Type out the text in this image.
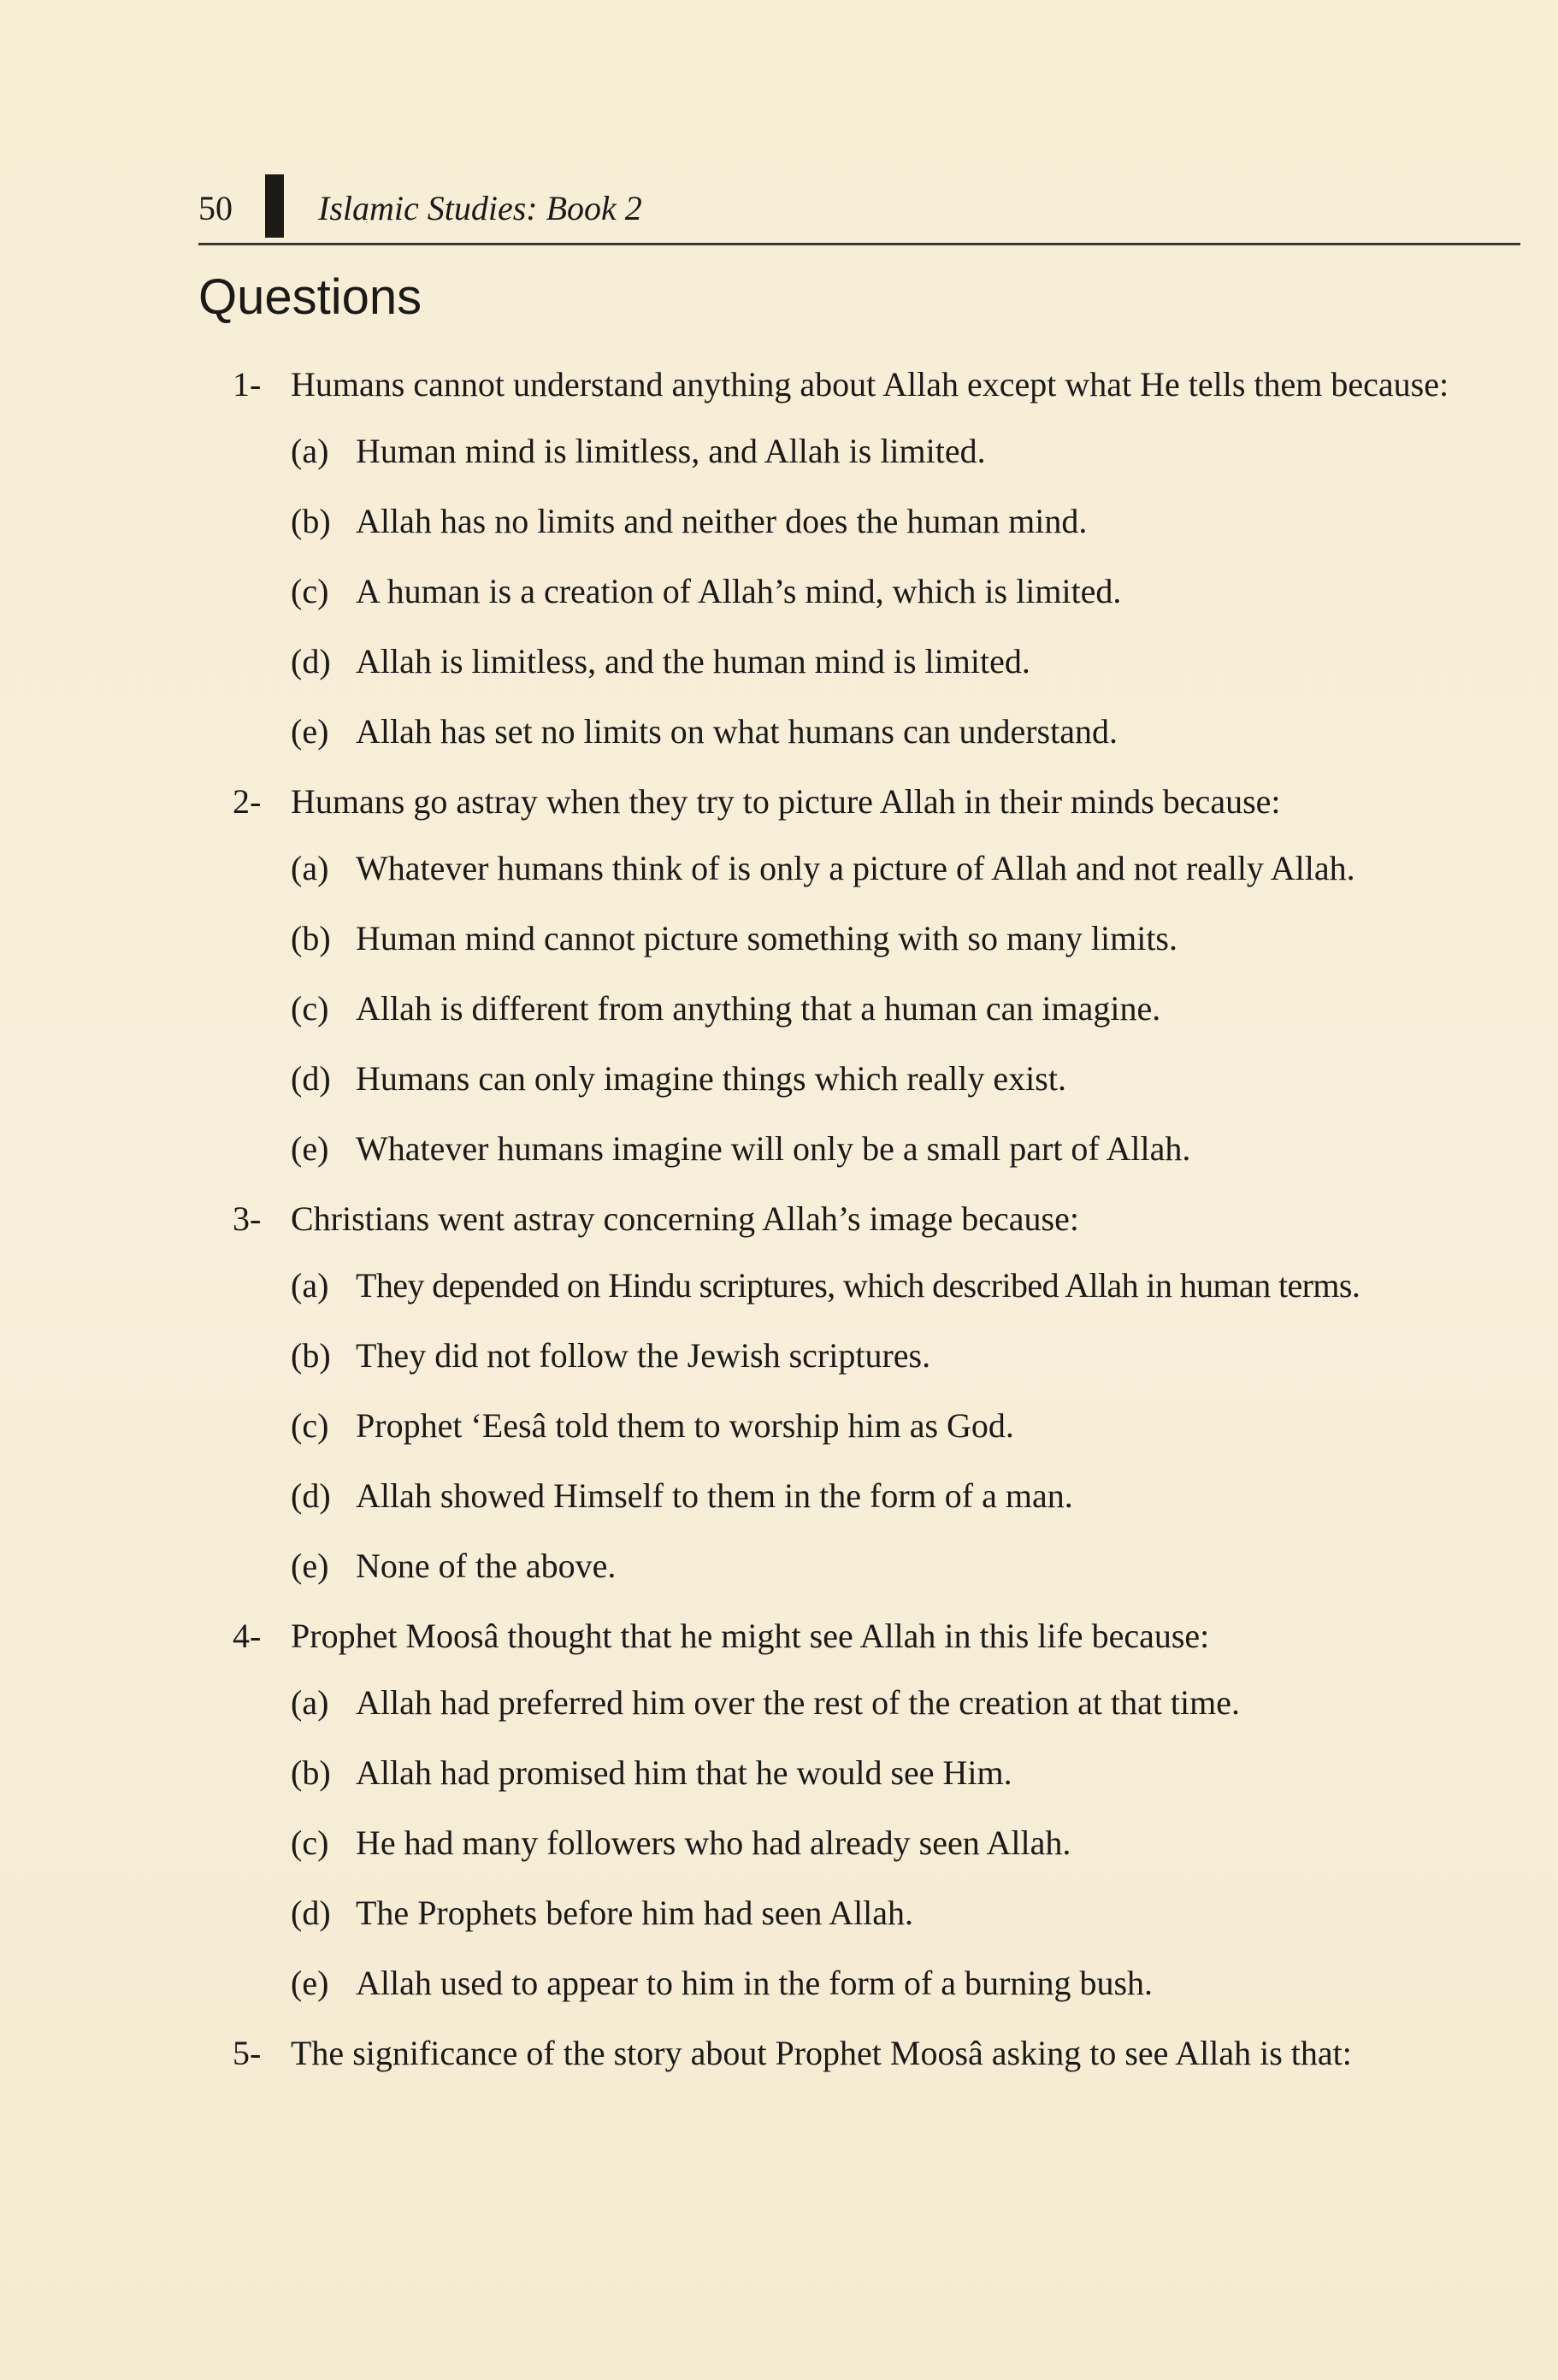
50	Islamic Studies: Book 2
Questions

1- Humans cannot understand anything about Allah except what He tells them because:

(a) Human mind is limitless, and Allah is limited.
(b) Allah has no limits and neither does the human mind.
(c) A human is a creation of Allah’s mind, which is limited.
(d) Allah is limitless, and the human mind is limited.
(e) Allah has set no limits on what humans can understand.

2- Humans go astray when they try to picture Allah in their minds because:

(a) Whatever humans think of is only a picture of Allah and not really Allah.
(b) Human mind cannot picture something with so many limits.
(c) Allah is different from anything that a human can imagine.
(d) Humans can only imagine things which really exist.
(e) Whatever humans imagine will only be a small part of Allah.

3- Christians went astray concerning Allah’s image because:

(a) They depended on Hindu scriptures, which described Allah in human terms.
(b) They did not follow the Jewish scriptures.
(c) Prophet ‘Eesâ told them to worship him as God.
(d) Allah showed Himself to them in the form of a man.
(e) None of the above.

4- Prophet Moosâ thought that he might see Allah in this life because:

(a) Allah had preferred him over the rest of the creation at that time.
(b) Allah had promised him that he would see Him.
(c) He had many followers who had already seen Allah.
(d) The Prophets before him had seen Allah.
(e) Allah used to appear to him in the form of a burning bush.

5- The significance of the story about Prophet Moosâ asking to see Allah is that:
